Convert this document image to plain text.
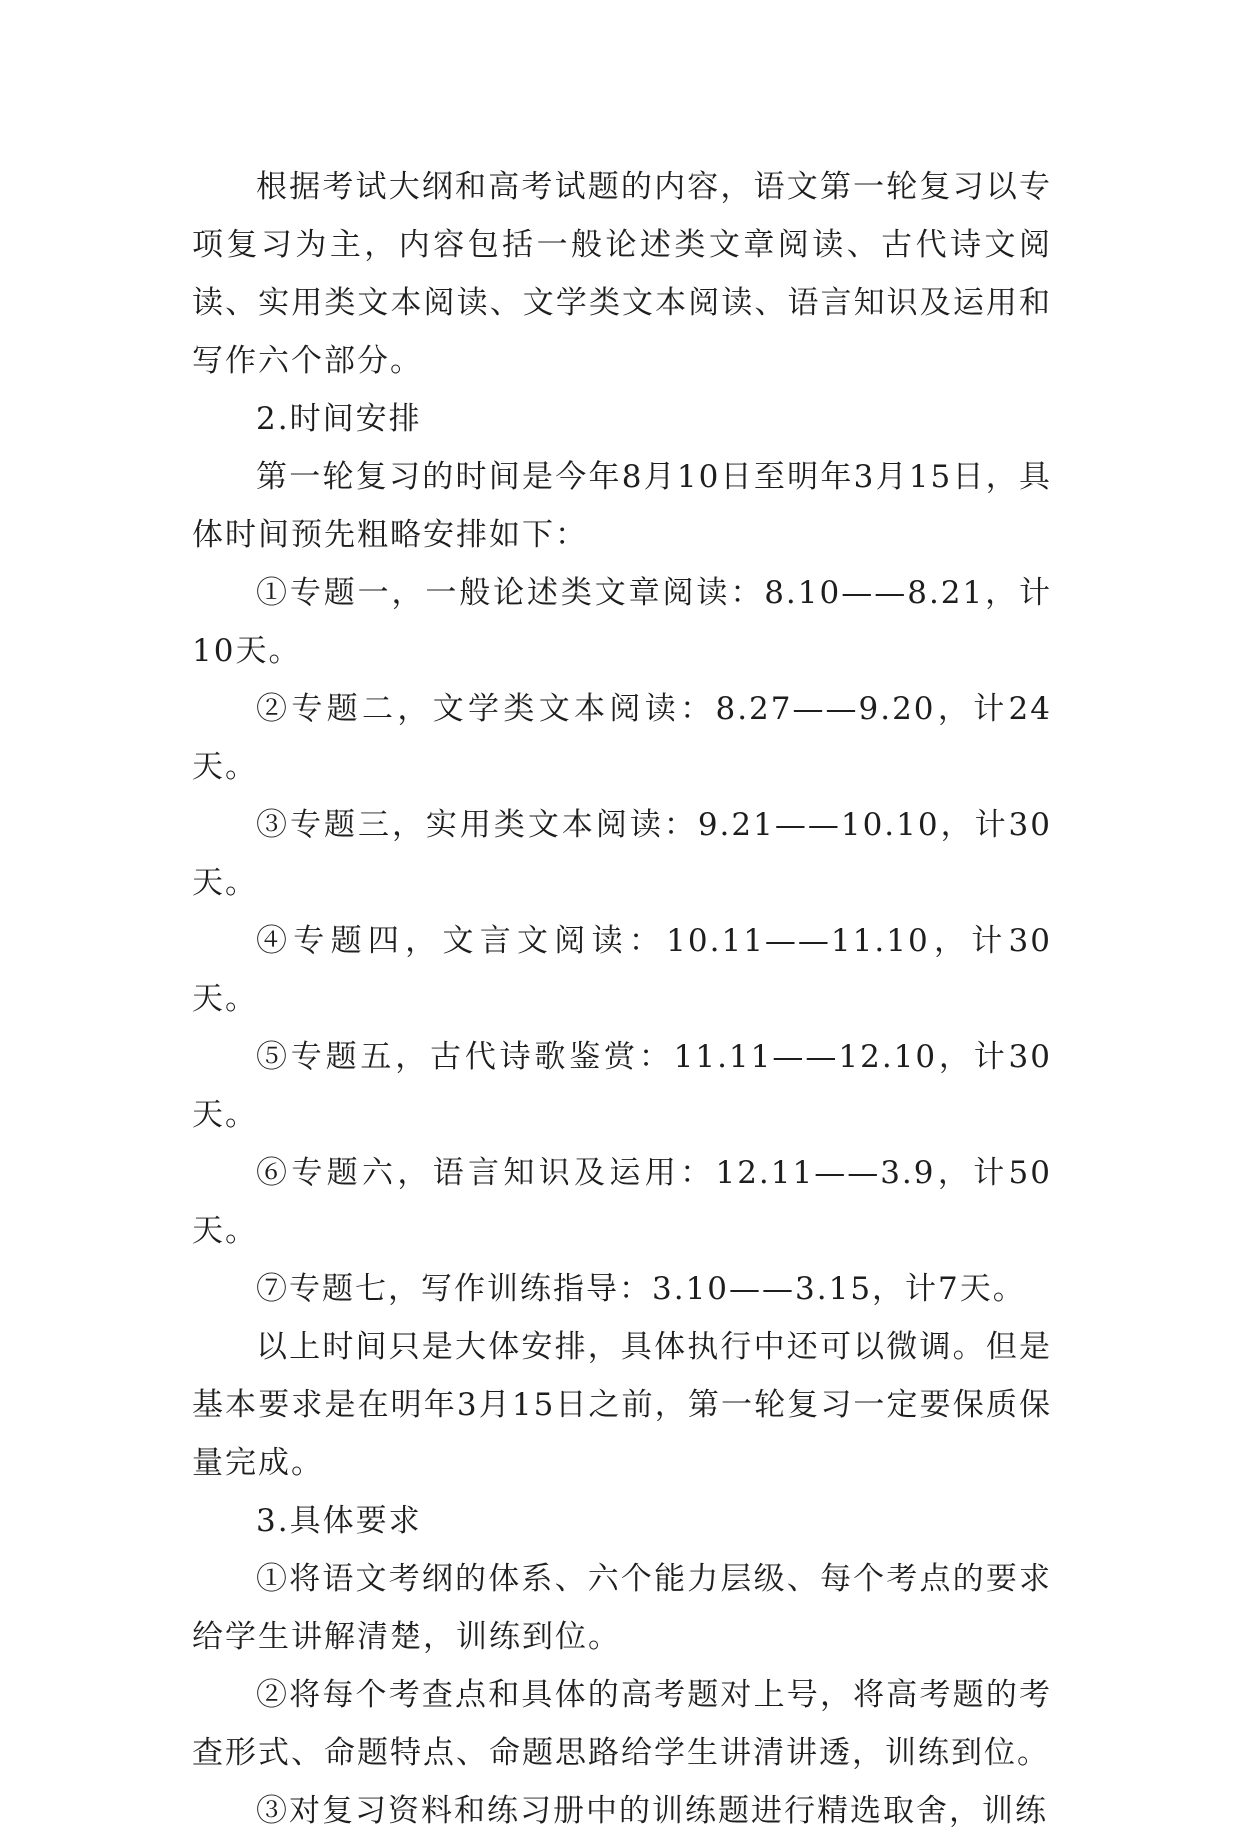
根据考试大纲和高考试题的内容，语文第一轮复习以专项复习为主，内容包括一般论述类文章阅读、古代诗文阅读、实用类文本阅读、文学类文本阅读、语言知识及运用和写作六个部分。

2.时间安排

第一轮复习的时间是今年8月10日至明年3月15日，具体时间预先粗略安排如下：

①专题一，一般论述类文章阅读：8.10——8.21，计10天。

②专题二，文学类文本阅读：8.27——9.20，计24天。

③专题三，实用类文本阅读：9.21——10.10，计30天。

④专题四，文言文阅读：10.11——11.10，计30天。

⑤专题五，古代诗歌鉴赏：11.11——12.10，计30天。

⑥专题六，语言知识及运用：12.11——3.9，计50天。

⑦专题七，写作训练指导：3.10——3.15，计7天。

以上时间只是大体安排，具体执行中还可以微调。但是基本要求是在明年3月15日之前，第一轮复习一定要保质保量完成。

3.具体要求

①将语文考纲的体系、六个能力层级、每个考点的要求给学生讲解清楚，训练到位。

②将每个考查点和具体的高考题对上号，将高考题的考查形式、命题特点、命题思路给学生讲清讲透，训练到位。

③对复习资料和练习册中的训练题进行精选取舍，训练
